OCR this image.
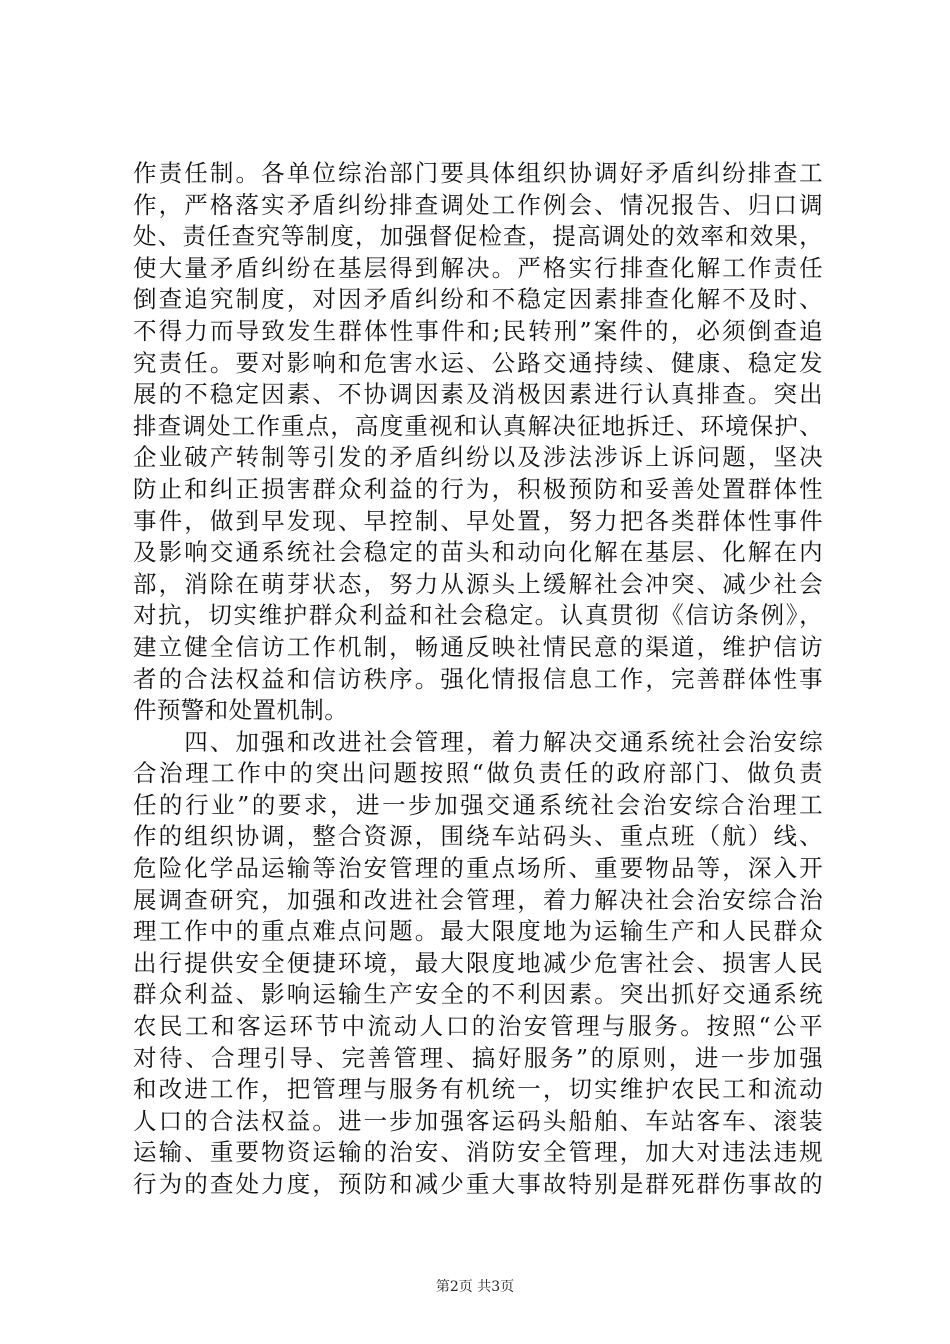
作责任制。各单位综治部门要具体组织协调好矛盾纠纷排查工
作，严格落实矛盾纠纷排查调处工作例会、情况报告、归口调
处、责任查究等制度，加强督促检查，提高调处的效率和效果，
使大量矛盾纠纷在基层得到解决。严格实行排查化解工作责任
倒查追究制度，对因矛盾纠纷和不稳定因素排查化解不及时、
不得力而导致发生群体性事件和;民转刑”案件的，必须倒查追
究责任。要对影响和危害水运、公路交通持续、健康、稳定发
展的不稳定因素、不协调因素及消极因素进行认真排查。突出
排查调处工作重点，高度重视和认真解决征地拆迁、环境保护、
企业破产转制等引发的矛盾纠纷以及涉法涉诉上诉问题，坚决
防止和纠正损害群众利益的行为，积极预防和妥善处置群体性
事件，做到早发现、早控制、早处置，努力把各类群体性事件
及影响交通系统社会稳定的苗头和动向化解在基层、化解在内
部，消除在萌芽状态，努力从源头上缓解社会冲突、减少社会
对抗，切实维护群众利益和社会稳定。认真贯彻《信访条例》，
建立健全信访工作机制，畅通反映社情民意的渠道，维护信访
者的合法权益和信访秩序。强化情报信息工作，完善群体性事
件预警和处置机制。
　　四、加强和改进社会管理，着力解决交通系统社会治安综
合治理工作中的突出问题按照“做负责任的政府部门、做负责
任的行业”的要求，进一步加强交通系统社会治安综合治理工
作的组织协调，整合资源，围绕车站码头、重点班（航）线、
危险化学品运输等治安管理的重点场所、重要物品等，深入开
展调查研究，加强和改进社会管理，着力解决社会治安综合治
理工作中的重点难点问题。最大限度地为运输生产和人民群众
出行提供安全便捷环境，最大限度地减少危害社会、损害人民
群众利益、影响运输生产安全的不利因素。突出抓好交通系统
农民工和客运环节中流动人口的治安管理与服务。按照“公平
对待、合理引导、完善管理、搞好服务”的原则，进一步加强
和改进工作，把管理与服务有机统一，切实维护农民工和流动
人口的合法权益。进一步加强客运码头船舶、车站客车、滚装
运输、重要物资运输的治安、消防安全管理，加大对违法违规
行为的查处力度，预防和减少重大事故特别是群死群伤事故的
第2页 共3页
